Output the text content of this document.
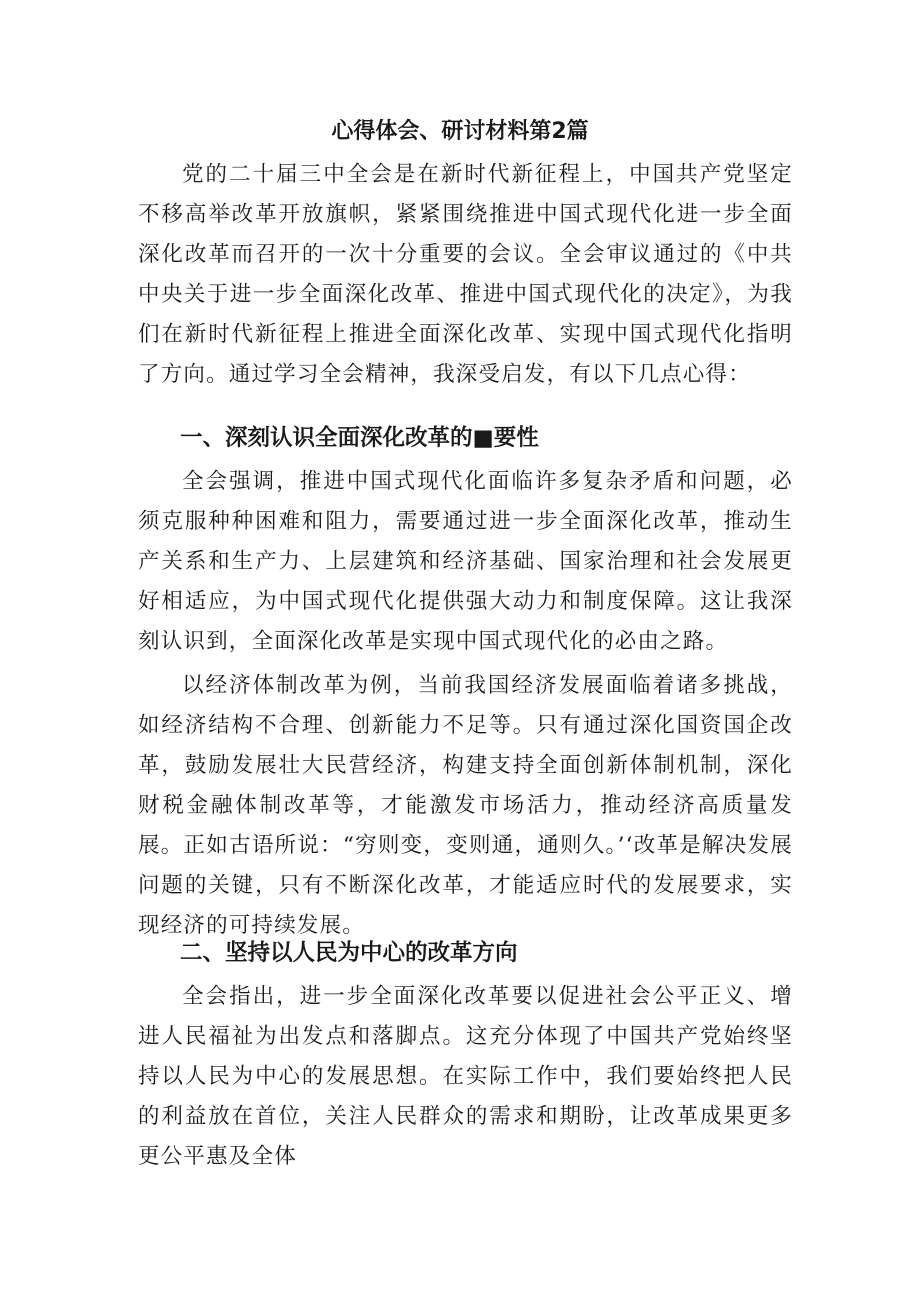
心得体会、研讨材料第2篇

党的二十届三中全会是在新时代新征程上，中国共产党坚定不移高举改革开放旗帜，紧紧围绕推进中国式现代化进一步全面深化改革而召开的一次十分重要的会议。全会审议通过的《中共中央关于进一步全面深化改革、推进中国式现代化的决定》，为我们在新时代新征程上推进全面深化改革、实现中国式现代化指明了方向。通过学习全会精神，我深受启发，有以下几点心得：

一、深刻认识全面深化改革的■要性

全会强调，推进中国式现代化面临许多复杂矛盾和问题，必须克服种种困难和阻力，需要通过进一步全面深化改革，推动生产关系和生产力、上层建筑和经济基础、国家治理和社会发展更好相适应，为中国式现代化提供强大动力和制度保障。这让我深刻认识到，全面深化改革是实现中国式现代化的必由之路。

以经济体制改革为例，当前我国经济发展面临着诸多挑战，如经济结构不合理、创新能力不足等。只有通过深化国资国企改革，鼓励发展壮大民营经济，构建支持全面创新体制机制，深化财税金融体制改革等，才能激发市场活力，推动经济高质量发展。正如古语所说：“穷则变，变则通，通则久。’‘改革是解决发展问题的关键，只有不断深化改革，才能适应时代的发展要求，实现经济的可持续发展。

二、坚持以人民为中心的改革方向

全会指出，进一步全面深化改革要以促进社会公平正义、增进人民福祉为出发点和落脚点。这充分体现了中国共产党始终坚持以人民为中心的发展思想。在实际工作中，我们要始终把人民的利益放在首位，关注人民群众的需求和期盼，让改革成果更多更公平惠及全体
